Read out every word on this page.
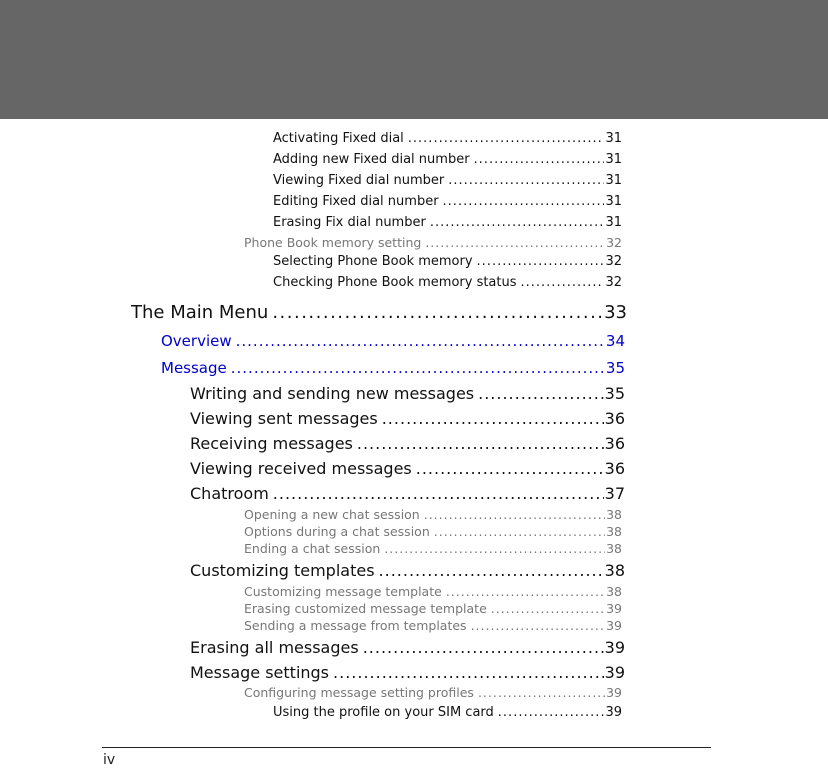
Activating Fixed dial .....	31
Adding new Fixed dial number .....	31
Viewing Fixed dial number .....	31
Editing Fixed dial number .....	31
Erasing Fix dial number .....	31
Phone Book memory setting .....	32
Selecting Phone Book memory .....	32
Checking Phone Book memory status .....	32
The Main Menu .....	33
Overview .....	34
Message .....	35
Writing and sending new messages .....	35
Viewing sent messages .....	36
Receiving messages .....	36
Viewing received messages .....	36
Chatroom .....	37
Opening a new chat session .....	38
Options during a chat session .....	38
Ending a chat session .....	38
Customizing templates .....	38
Customizing message template .....	38
Erasing customized message template .....	39
Sending a message from templates .....	39
Erasing all messages .....	39
Message settings .....	39
Configuring message setting profiles .....	39
Using the profile on your SIM card .....	39
iv
